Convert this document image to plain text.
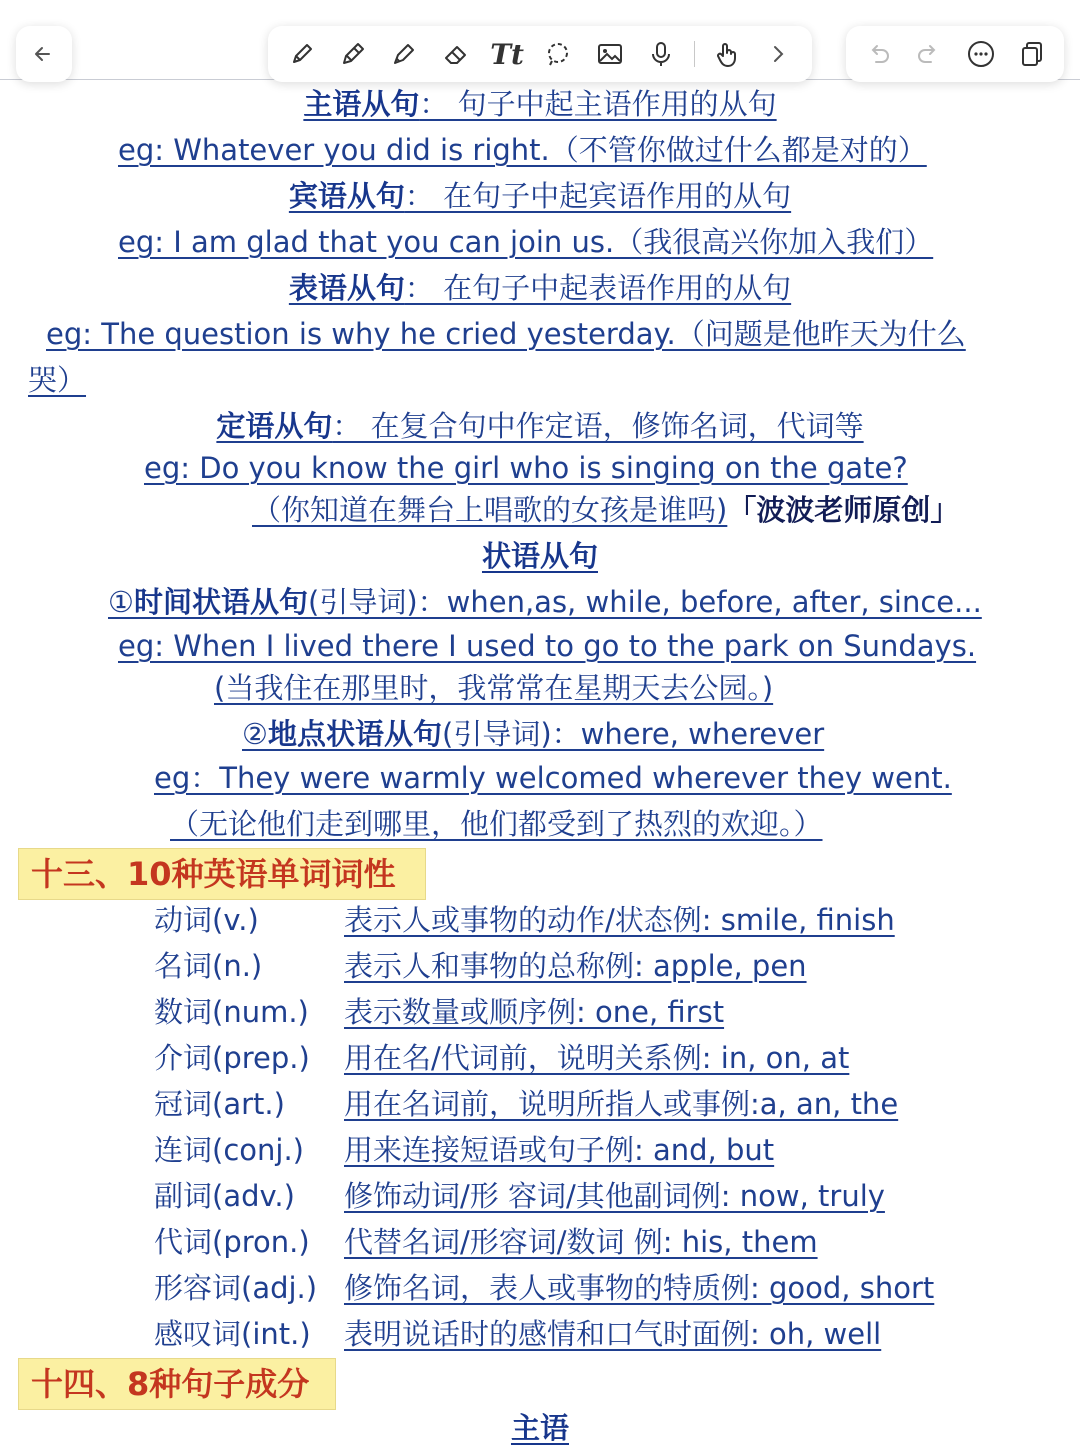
Tt
主语从句： 句子中起主语作用的从句
eg: Whatever you did is right.（不管你做过什么都是对的）
宾语从句： 在句子中起宾语作用的从句
eg: I am glad that you can join us.（我很高兴你加入我们）
表语从句： 在句子中起表语作用的从句
eg: The question is why he cried yesterday.（问题是他昨天为什么
哭）
定语从句： 在复合句中作定语，修饰名词，代词等
eg: Do you know the girl who is singing on the gate?
（你知道在舞台上唱歌的女孩是谁吗)「波波老师原创」
状语从句
①时间状语从句(引导词)：when,as, while, before, after, since...
eg: When I lived there I used to go to the park on Sundays.
(当我住在那里时，我常常在星期天去公园。)
②地点状语从句(引导词)：where, wherever
eg：They were warmly welcomed wherever they went.
（无论他们走到哪里，他们都受到了热烈的欢迎。）
十三、10种英语单词词性
动词(v.)	表示人或事物的动作/状态例: smile, finish
名词(n.)	表示人和事物的总称例: apple, pen
数词(num.) 表示数量或顺序例: one, first
介词(prep.) 用在名/代词前，说明关系例: in, on, at
冠词(art.) 用在名词前，说明所指人或事例:a, an, the
连词(conj.) 用来连接短语或句子例: and, but
副词(adv.) 修饰动词/形 容词/其他副词例: now, truly
代词(pron.) 代替名词/形容词/数词 例: his, them
形容词(adj.) 修饰名词，表人或事物的特质例: good, short
感叹词(int.) 表明说话时的感情和口气时面例: oh, well
十四、8种句子成分
主语
